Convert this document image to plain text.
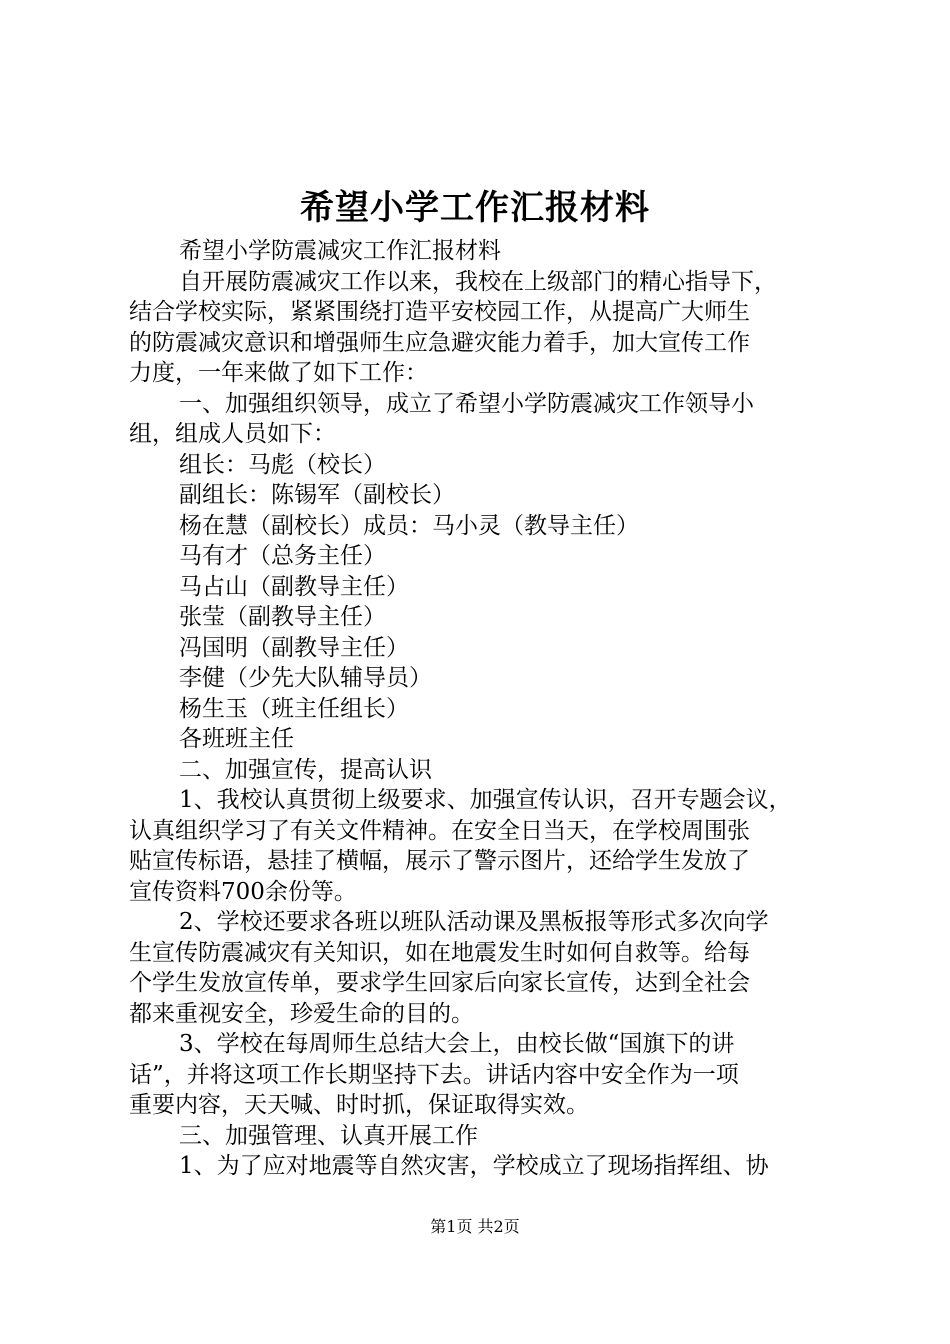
希望小学工作汇报材料
希望小学防震减灾工作汇报材料
自开展防震减灾工作以来，我校在上级部门的精心指导下，
结合学校实际，紧紧围绕打造平安校园工作，从提高广大师生
的防震减灾意识和增强师生应急避灾能力着手，加大宣传工作
力度，一年来做了如下工作：
一、加强组织领导，成立了希望小学防震减灾工作领导小
组，组成人员如下：
组长：马彪（校长）
副组长：陈锡军（副校长）
杨在慧（副校长）成员：马小灵（教导主任）
马有才（总务主任）
马占山（副教导主任）
张莹（副教导主任）
冯国明（副教导主任）
李健（少先大队辅导员）
杨生玉（班主任组长）
各班班主任
二、加强宣传，提高认识
1、我校认真贯彻上级要求、加强宣传认识，召开专题会议，
认真组织学习了有关文件精神。在安全日当天，在学校周围张
贴宣传标语，悬挂了横幅，展示了警示图片，还给学生发放了
宣传资料700余份等。
2、学校还要求各班以班队活动课及黑板报等形式多次向学
生宣传防震减灾有关知识，如在地震发生时如何自救等。给每
个学生发放宣传单，要求学生回家后向家长宣传，达到全社会
都来重视安全，珍爱生命的目的。
3、学校在每周师生总结大会上，由校长做“国旗下的讲
话”，并将这项工作长期坚持下去。讲话内容中安全作为一项
重要内容，天天喊、时时抓，保证取得实效。
三、加强管理、认真开展工作
1、为了应对地震等自然灾害，学校成立了现场指挥组、协
第1页 共2页
